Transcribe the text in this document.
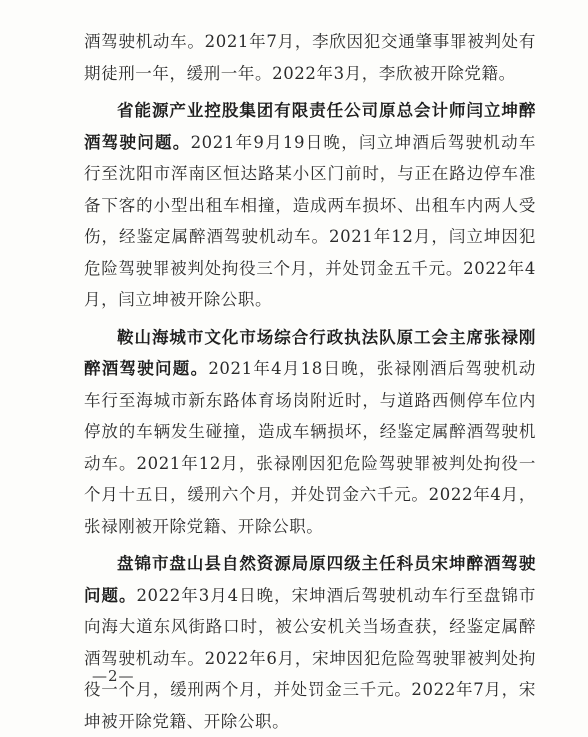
酒驾驶机动车。2021年7月，李欣因犯交通肇事罪被判处有期徒刑一年，缓刑一年。2022年3月，李欣被开除党籍。

省能源产业控股集团有限责任公司原总会计师闫立坤醉酒驾驶问题。2021年9月19日晚，闫立坤酒后驾驶机动车行至沈阳市浑南区恒达路某小区门前时，与正在路边停车准备下客的小型出租车相撞，造成两车损坏、出租车内两人受伤，经鉴定属醉酒驾驶机动车。2021年12月，闫立坤因犯危险驾驶罪被判处拘役三个月，并处罚金五千元。2022年4月，闫立坤被开除公职。

鞍山海城市文化市场综合行政执法队原工会主席张禄刚醉酒驾驶问题。2021年4月18日晚，张禄刚酒后驾驶机动车行至海城市新东路体育场岗附近时，与道路西侧停车位内停放的车辆发生碰撞，造成车辆损坏，经鉴定属醉酒驾驶机动车。2021年12月，张禄刚因犯危险驾驶罪被判处拘役一个月十五日，缓刑六个月，并处罚金六千元。2022年4月，张禄刚被开除党籍、开除公职。

盘锦市盘山县自然资源局原四级主任科员宋坤醉酒驾驶问题。2022年3月4日晚，宋坤酒后驾驶机动车行至盘锦市向海大道东风街路口时，被公安机关当场查获，经鉴定属醉酒驾驶机动车。2022年6月，宋坤因犯危险驾驶罪被判处拘役一个月，缓刑两个月，并处罚金三千元。2022年7月，宋坤被开除党籍、开除公职。

—2—
